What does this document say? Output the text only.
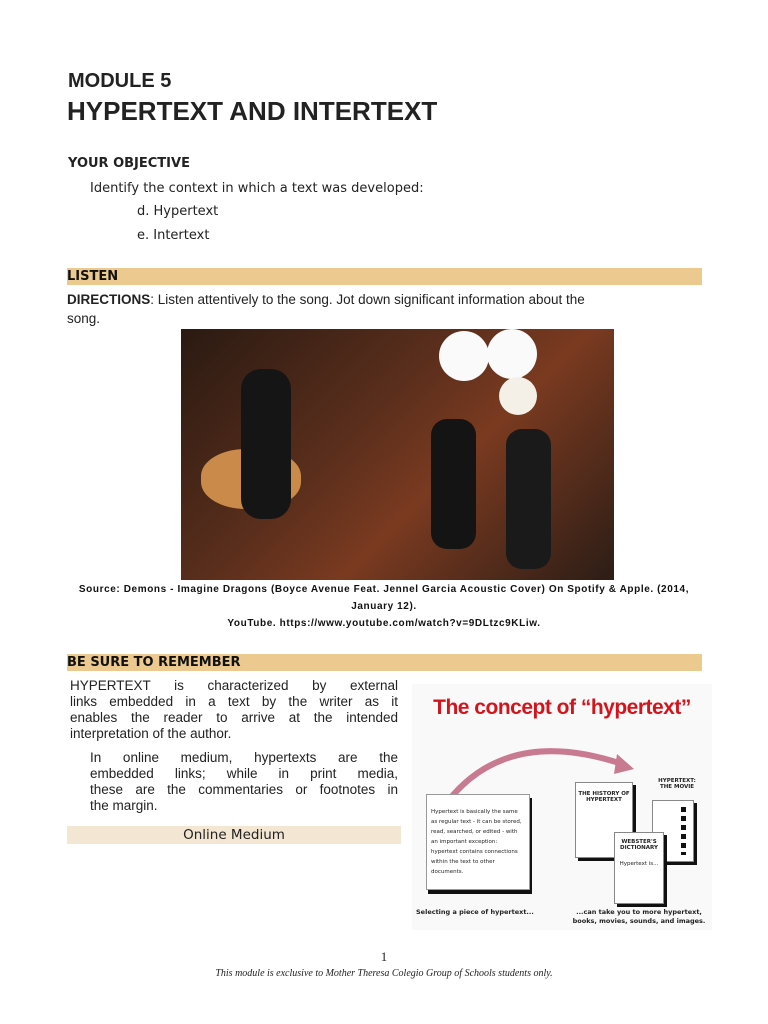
MODULE 5
HYPERTEXT AND INTERTEXT
YOUR OBJECTIVE
Identify the context in which a text was developed:
d. Hypertext
e. Intertext
LISTEN
DIRECTIONS: Listen attentively to the song. Jot down significant information about the
song.
Source: Demons - Imagine Dragons (Boyce Avenue Feat. Jennel Garcia Acoustic Cover) On Spotify & Apple. (2014,
January 12).
YouTube. https://www.youtube.com/watch?v=9DLtzc9KLiw.
BE SURE TO REMEMBER
HYPERTEXT is characterized by external
links embedded in a text by the writer as it
enables the reader to arrive at the intended
interpretation of the author.
In online medium, hypertexts are the
embedded links; while in print media,
these are the commentaries or footnotes in
the margin.
Online Medium
The concept of “hypertext”
Hypertext is basically the same as regular text - it can be stored, read, searched, or edited - with an important exception: hypertext contains connections within the text to other documents.
THE HISTORY OF HYPERTEXT
HYPERTEXT: THE MOVIE
WEBSTER'S DICTIONARY
Hypertext is...
Selecting a piece of hypertext...	...can take you to more hypertext, books, movies, sounds, and images.
1
This module is exclusive to Mother Theresa Colegio Group of Schools students only.
